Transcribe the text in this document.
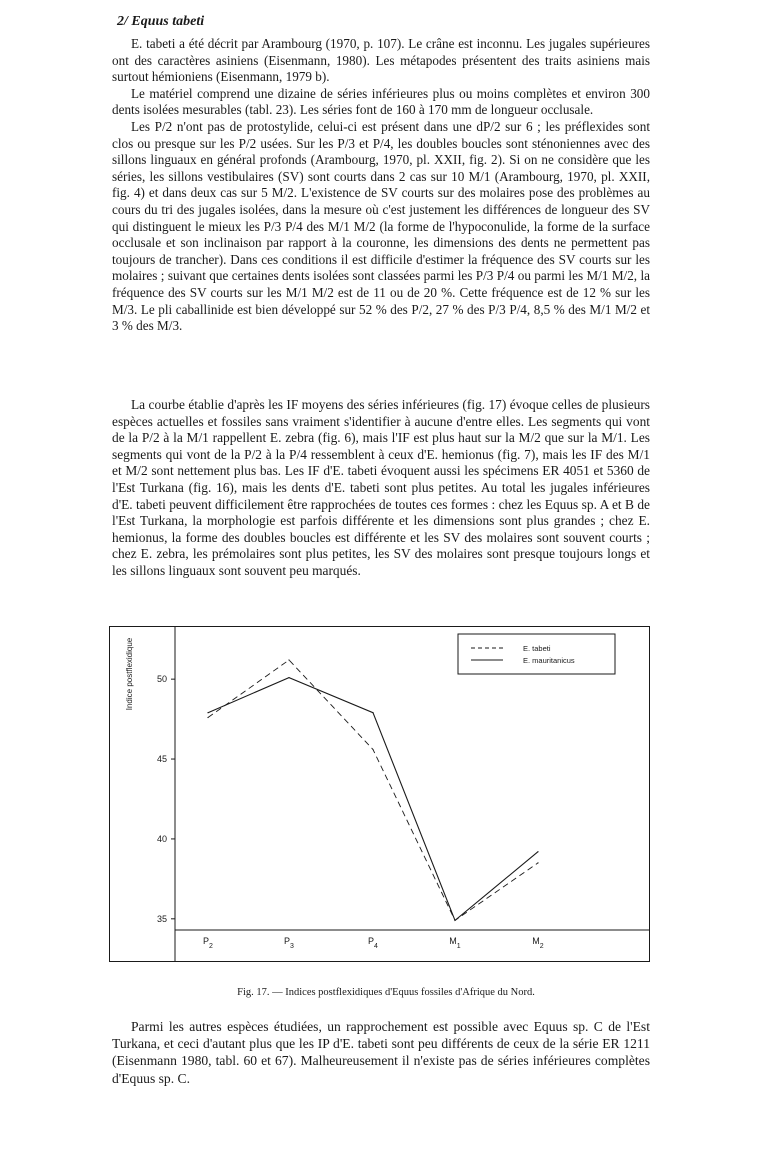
2/ Equus tabeti

E. tabeti a été décrit par Arambourg (1970, p. 107). Le crâne est inconnu. Les jugales supérieures ont des caractères asiniens (Eisenmann, 1980). Les métapodes présentent des traits asiniens mais surtout hémioniens (Eisenmann, 1979 b).

Le matériel comprend une dizaine de séries inférieures plus ou moins complètes et environ 300 dents isolées mesurables (tabl. 23). Les séries font de 160 à 170 mm de longueur occlusale.

Les P/2 n'ont pas de protostylide, celui-ci est présent dans une dP/2 sur 6 ; les préflexides sont clos ou presque sur les P/2 usées. Sur les P/3 et P/4, les doubles boucles sont sténoniennes avec des sillons linguaux en général profonds (Arambourg, 1970, pl. XXII, fig. 2). Si on ne considère que les séries, les sillons vestibulaires (SV) sont courts dans 2 cas sur 10 M/1 (Arambourg, 1970, pl. XXII, fig. 4) et dans deux cas sur 5 M/2. L'existence de SV courts sur des molaires pose des problèmes au cours du tri des jugales isolées, dans la mesure où c'est justement les différences de longueur des SV qui distinguent le mieux les P/3 P/4 des M/1 M/2 (la forme de l'hypoconulide, la forme de la surface occlusale et son inclinaison par rapport à la couronne, les dimensions des dents ne permettent pas toujours de trancher). Dans ces conditions il est difficile d'estimer la fréquence des SV courts sur les molaires ; suivant que certaines dents isolées sont classées parmi les P/3 P/4 ou parmi les M/1 M/2, la fréquence des SV courts sur les M/1 M/2 est de 11 ou de 20 %. Cette fréquence est de 12 % sur les M/3. Le pli caballinide est bien développé sur 52 % des P/2, 27 % des P/3 P/4, 8,5 % des M/1 M/2 et 3 % des M/3.

La courbe établie d'après les IF moyens des séries inférieures (fig. 17) évoque celles de plusieurs espèces actuelles et fossiles sans vraiment s'identifier à aucune d'entre elles. Les segments qui vont de la P/2 à la M/1 rappellent E. zebra (fig. 6), mais l'IF est plus haut sur la M/2 que sur la M/1. Les segments qui vont de la P/2 à la P/4 ressemblent à ceux d'E. hemionus (fig. 7), mais les IF des M/1 et M/2 sont nettement plus bas. Les IF d'E. tabeti évoquent aussi les spécimens ER 4051 et 5360 de l'Est Turkana (fig. 16), mais les dents d'E. tabeti sont plus petites. Au total les jugales inférieures d'E. tabeti peuvent difficilement être rapprochées de toutes ces formes : chez les Equus sp. A et B de l'Est Turkana, la morphologie est parfois différente et les dimensions sont plus grandes ; chez E. hemionus, la forme des doubles boucles est différente et les SV des molaires sont souvent courts ; chez E. zebra, les prémolaires sont plus petites, les SV des molaires sont presque toujours longs et les sillons linguaux sont souvent peu marqués.

35
40
45
50
Indice postflexidique
$P_2$
$P_3$
$P_4$
$M_1$
$M_2$
E. tabeti
E. mauritanicus
Fig. 17. — Indices postflexidiques d'Equus fossiles d'Afrique du Nord.

Parmi les autres espèces étudiées, un rapprochement est possible avec Equus sp. C de l'Est Turkana, et ceci d'autant plus que les IP d'E. tabeti sont peu différents de ceux de la série ER 1211 (Eisenmann 1980, tabl. 60 et 67). Malheureusement il n'existe pas de séries inférieures complètes d'Equus sp. C.
